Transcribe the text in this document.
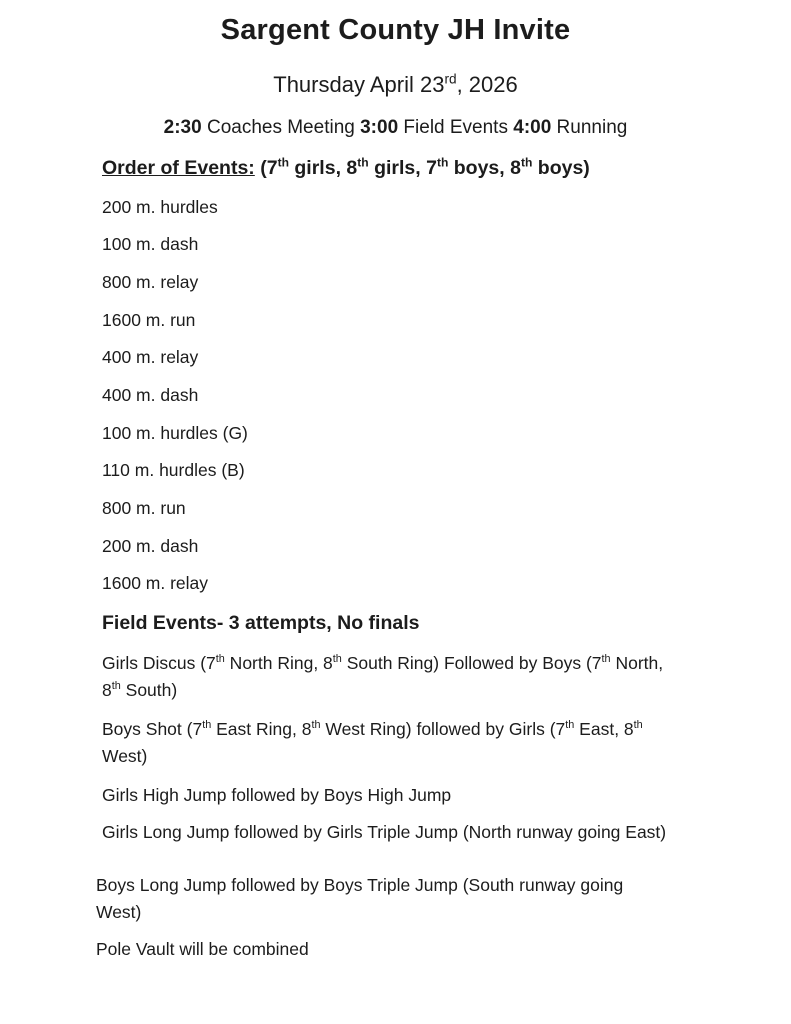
Sargent County JH Invite
Thursday April 23rd, 2026
2:30 Coaches Meeting 3:00 Field Events 4:00 Running
Order of Events: (7th girls, 8th girls, 7th boys, 8th boys)
200 m. hurdles
100 m. dash
800 m. relay
1600 m. run
400 m. relay
400 m. dash
100 m. hurdles (G)
110 m. hurdles (B)
800 m. run
200 m. dash
1600 m. relay
Field Events- 3 attempts, No finals
Girls Discus (7th North Ring, 8th South Ring) Followed by Boys (7th North,
8th South)
Boys Shot (7th East Ring, 8th West Ring) followed by Girls (7th East, 8th
West)
Girls High Jump followed by Boys High Jump
Girls Long Jump followed by Girls Triple Jump (North runway going East)
Boys Long Jump followed by Boys Triple Jump (South runway going
West)
Pole Vault will be combined
